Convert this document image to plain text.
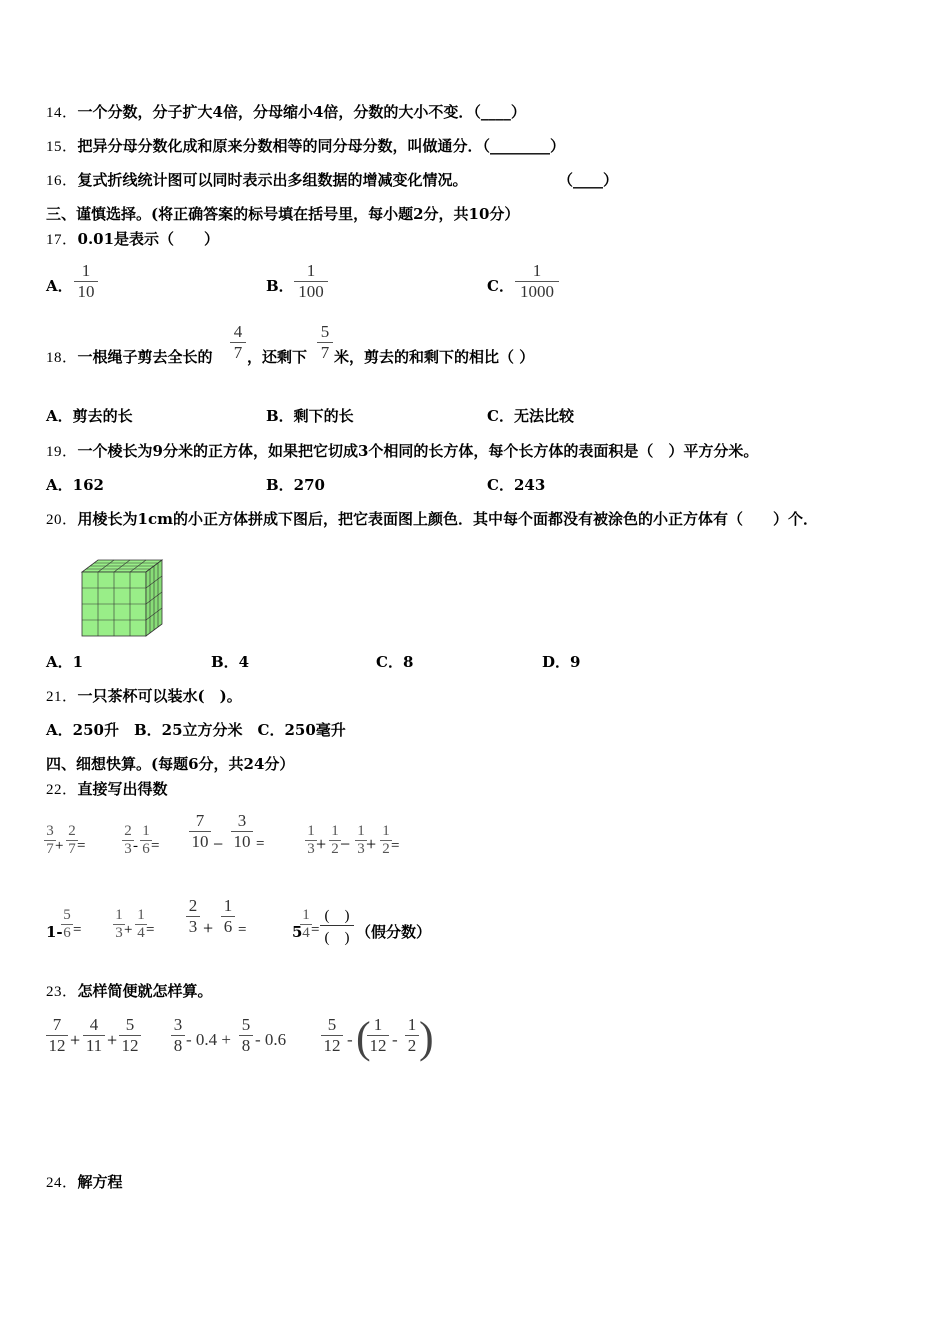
14．一个分数，分子扩大4倍，分母缩小4倍，分数的大小不变．（____）
15．把异分母分数化成和原来分数相等的同分母分数，叫做通分．（________）
16．复式折线统计图可以同时表示出多组数据的增减变化情况。	（____）
三、谨慎选择。(将正确答案的标号填在括号里，每小题2分，共10分）
17．0.01是表示（　　）
A．
1
10	B．
1
100	C．
1
1000
18．一根绳子剪去全长的
4
7 ，还剩下
5
7 米，剪去的和剩下的相比（ ）
A．剪去的长	B．剩下的长	C．无法比较
19．一个棱长为9分米的正方体，如果把它切成3个相同的长方体，每个长方体的表面积是（　）平方分米。
A．162	B．270	C．243
20．用棱长为1cm的小正方体拼成下图后，把它表面图上颜色．其中每个面都没有被涂色的小正方体有（　　）个．
A．1	B．4	C．8	D．9
21．一只茶杯可以装水(　)。
A．250升　B．25立方分米　C．250毫升
四、细想快算。(每题6分，共24分）
22．直接写出得数
3
7 +
2
7 =
2
3 -
1
6 =
7
10 −
3
10 =
1
3 +
1
2 −
1
3 +
1
2 =
1-
5
6 =
1
3 +
1
4 =
2
3 +
1
6 =	5
1
4 =
(　)
(　) （假分数）
23．怎样简便就怎样算。
7
12 +
4
11 +
5
12
3
8 - 0.4 +
5
8 - 0.6
5
12 - ( 1
12 -
1
2 )
24．解方程
